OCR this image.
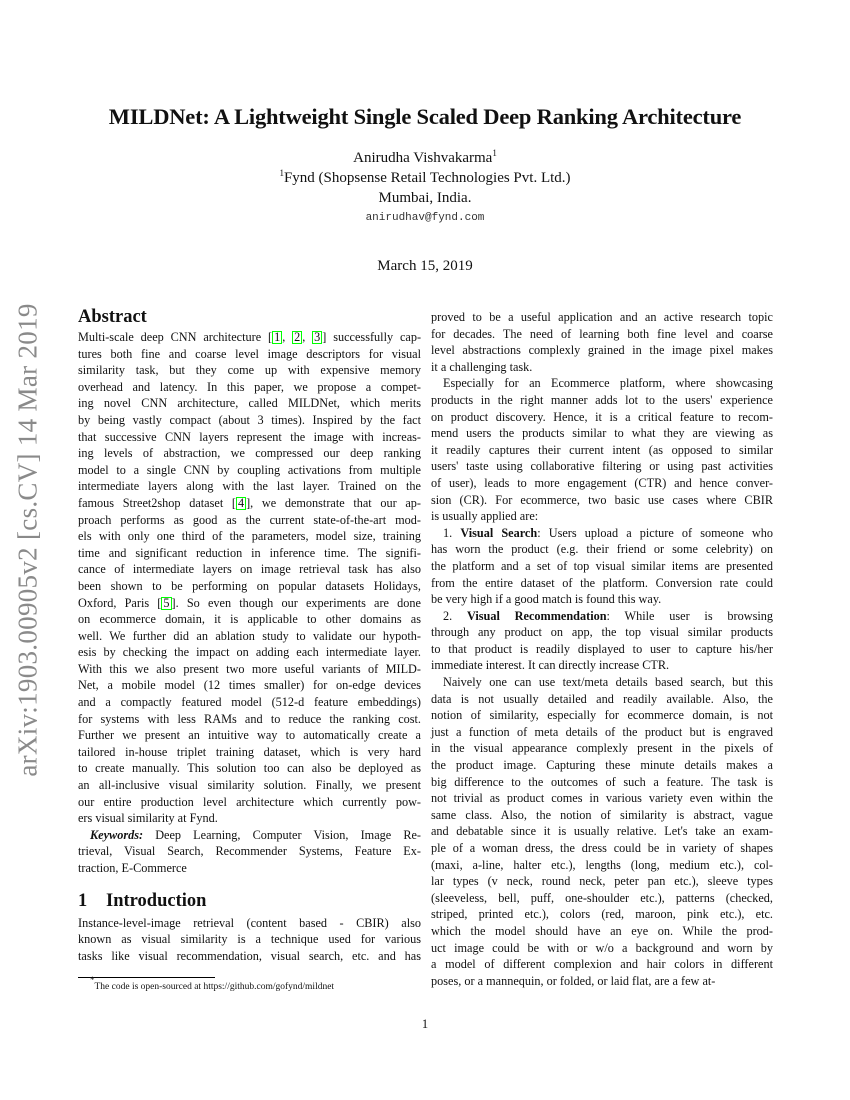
arXiv:1903.00905v2 [cs.CV] 14 Mar 2019
MILDNet: A Lightweight Single Scaled Deep Ranking Architecture
Anirudha Vishvakarma$^1$
$^1$Fynd (Shopsense Retail Technologies Pvt. Ltd.)
Mumbai, India.
anirudhav@fynd.com
March 15, 2019
Abstract
Multi-scale deep CNN architecture [ 1 , 2 , 3 ] successfully cap-
tures both fine and coarse level image descriptors for visual
similarity task, but they come up with expensive memory
overhead and latency. In this paper, we propose a compet-
ing novel CNN architecture, called MILDNet, which merits
by being vastly compact (about 3 times). Inspired by the fact
that successive CNN layers represent the image with increas-
ing levels of abstraction, we compressed our deep ranking
model to a single CNN by coupling activations from multiple
intermediate layers along with the last layer. Trained on the
famous Street2shop dataset [ 4 ], we demonstrate that our ap-
proach performs as good as the current state-of-the-art mod-
els with only one third of the parameters, model size, training
time and significant reduction in inference time. The signifi-
cance of intermediate layers on image retrieval task has also
been shown to be performing on popular datasets Holidays,
Oxford, Paris [ 5 ]. So even though our experiments are done
on ecommerce domain, it is applicable to other domains as
well. We further did an ablation study to validate our hypoth-
esis by checking the impact on adding each intermediate layer.
With this we also present two more useful variants of MILD-
Net, a mobile model (12 times smaller) for on-edge devices
and a compactly featured model (512-d feature embeddings)
for systems with less RAMs and to reduce the ranking cost.
Further we present an intuitive way to automatically create a
tailored in-house triplet training dataset, which is very hard
to create manually. This solution too can also be deployed as
an all-inclusive visual similarity solution. Finally, we present
our entire production level architecture which currently pow-
ers visual similarity at Fynd.
Keywords: Deep Learning, Computer Vision, Image Re-
trieval, Visual Search, Recommender Systems, Feature Ex-
traction, E-Commerce
1 Introduction
Instance-level-image retrieval (content based - CBIR) also
known as visual similarity is a technique used for various
tasks like visual recommendation, visual search, etc. and has
proved to be a useful application and an active research topic
for decades. The need of learning both fine level and coarse
level abstractions complexly grained in the image pixel makes
it a challenging task.
Especially for an Ecommerce platform, where showcasing
products in the right manner adds lot to the users' experience
on product discovery. Hence, it is a critical feature to recom-
mend users the products similar to what they are viewing as
it readily captures their current intent (as opposed to similar
users' taste using collaborative filtering or using past activities
of user), leads to more engagement (CTR) and hence conver-
sion (CR). For ecommerce, two basic use cases where CBIR
is usually applied are:
1. Visual Search: Users upload a picture of someone who
has worn the product (e.g. their friend or some celebrity) on
the platform and a set of top visual similar items are presented
from the entire dataset of the platform. Conversion rate could
be very high if a good match is found this way.
2. Visual Recommendation: While user is browsing
through any product on app, the top visual similar products
to that product is readily displayed to user to capture his/her
immediate interest. It can directly increase CTR.
Naively one can use text/meta details based search, but this
data is not usually detailed and readily available. Also, the
notion of similarity, especially for ecommerce domain, is not
just a function of meta details of the product but is engraved
in the visual appearance complexly present in the pixels of
the product image. Capturing these minute details makes a
big difference to the outcomes of such a feature. The task is
not trivial as product comes in various variety even within the
same class. Also, the notion of similarity is abstract, vague
and debatable since it is usually relative. Let's take an exam-
ple of a woman dress, the dress could be in variety of shapes
(maxi, a-line, halter etc.), lengths (long, medium etc.), col-
lar types (v neck, round neck, peter pan etc.), sleeve types
(sleeveless, bell, puff, one-shoulder etc.), patterns (checked,
striped, printed etc.), colors (red, maroon, pink etc.), etc.
which the model should have an eye on. While the prod-
uct image could be with or w/o a background and worn by
a model of different complexion and hair colors in different
poses, or a mannequin, or folded, or laid flat, are a few at-
*The code is open-sourced at https://github.com/gofynd/mildnet
1
